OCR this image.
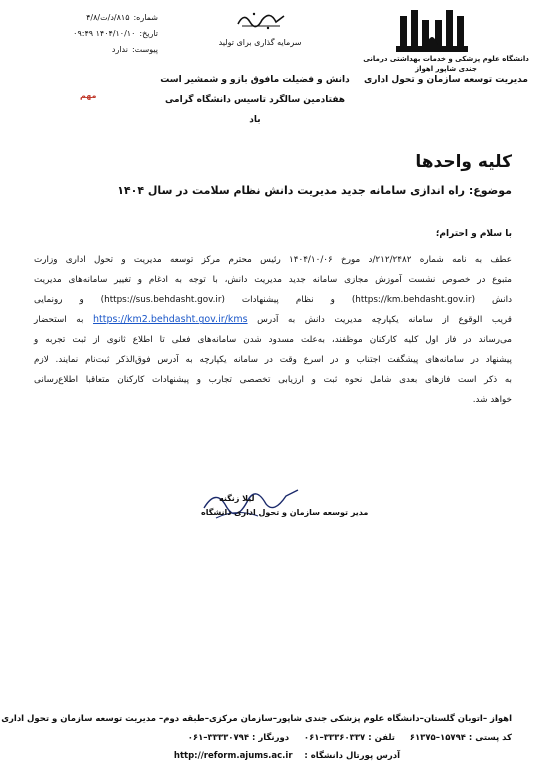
دانشگاه علوم پزشکی و خدمات بهداشتی درمانی
جندی شاپور اهواز
مدیریت توسعه سازمان و تحول اداری
سرمایه گذاری برای تولید
دانش و فضیلت مافوق بازو و شمشیر است
هفتادمین سالگرد تاسیس دانشگاه گرامی باد
شماره:
۸۱۵/د/ت/۴/۸
تاریخ:
۱۴۰۴/۱۰/۱۰ ۰۹:۴۹
پیوست:
ندارد
مهم
کلیه واحدها
موضوع: راه اندازی سامانه جدید مدیریت دانش نظام سلامت در سال ۱۴۰۴
با سلام و احترام؛
عطف به نامه شماره ۲۱۲/۲۴۸۲/د مورخ ۱۴۰۴/۱۰/۰۶ رئیس محترم مرکز توسعه مدیریت و تحول اداری وزارت
متبوع در خصوص نشست آموزش مجازی سامانه جدید مدیریت دانش، با توجه به ادغام و تغییر سامانه‌های مدیریت
دانش (https://km.behdasht.gov.ir) و نظام پیشنهادات (https://sus.behdasht.gov.ir) و رونمایی
قریب الوقوع از سامانه یکپارچه مدیریت دانش به آدرس https://km2.behdasht.gov.ir/kms به استحضار
می‌رساند در فاز اول کلیه کارکنان موظفند، به‌علت مسدود شدن سامانه‌های فعلی تا اطلاع ثانوی از ثبت تجربه و
پیشنهاد در سامانه‌های پیشگفت اجتناب و در اسرع وقت در سامانه یکپارچه به آدرس فوق‌الذکر ثبت‌نام نمایند. لازم
به ذکر است فازهای بعدی شامل نحوه ثبت و ارزیابی تخصصی تجارب و پیشنهادات کارکنان متعاقبا اطلاع‌رسانی
خواهد شد.
لیلا زنگنه
مدیر توسعه سازمان و تحول اداری دانشگاه
اهواز –اتوبان گلستان–دانشگاه علوم پزشکی جندی شاپور–سازمان مرکزی–طبقه دوم– مدیریت توسعه سازمان و تحول اداری
کد پستی : ۱۵۷۹۴–۶۱۳۷۵     تلفن : ۳۳۳۶۰۳۳۷–۰۶۱     دورنگار : ۳۳۳۳۰۷۹۴–۰۶۱
آدرس پورتال دانشگاه :    http://reform.ajums.ac.ir
